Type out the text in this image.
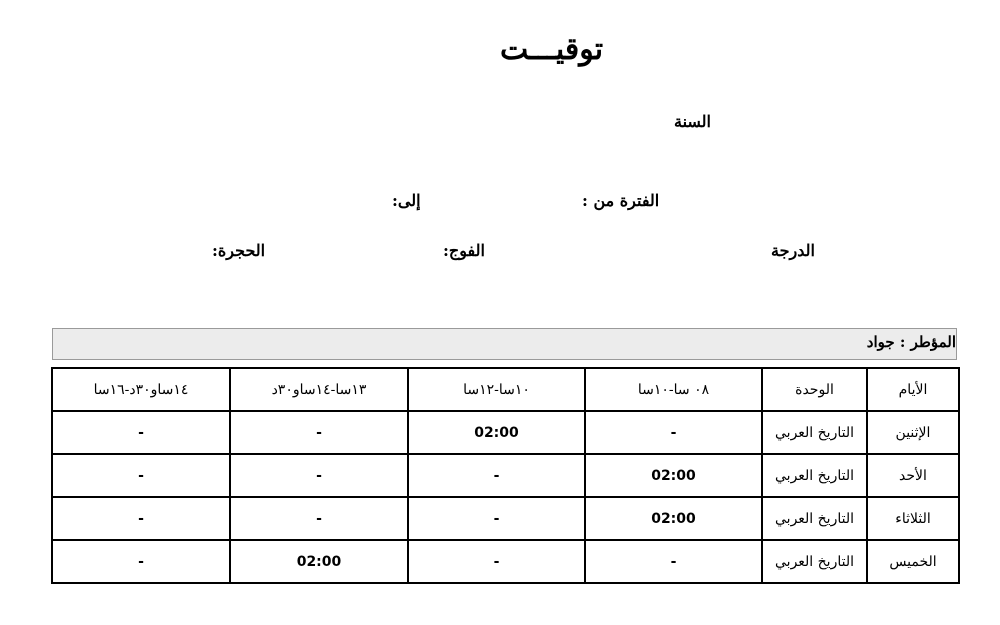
توقيـــت
السنة
الفترة من :
إلى:
الدرجة
الفوج:
الحجرة:
المؤطر : جواد
الأيام	الوحدة	٠٨ سا-١٠سا	١٠سا-١٢سا	١٣سا-١٤ساو٣٠د	١٤ساو٣٠د-١٦سا
الإثنين	التاريخ العربي	-	02:00	-	-
الأحد	التاريخ العربي	02:00	-	-	-
الثلاثاء	التاريخ العربي	02:00	-	-	-
الخميس	التاريخ العربي	-	-	02:00	-
